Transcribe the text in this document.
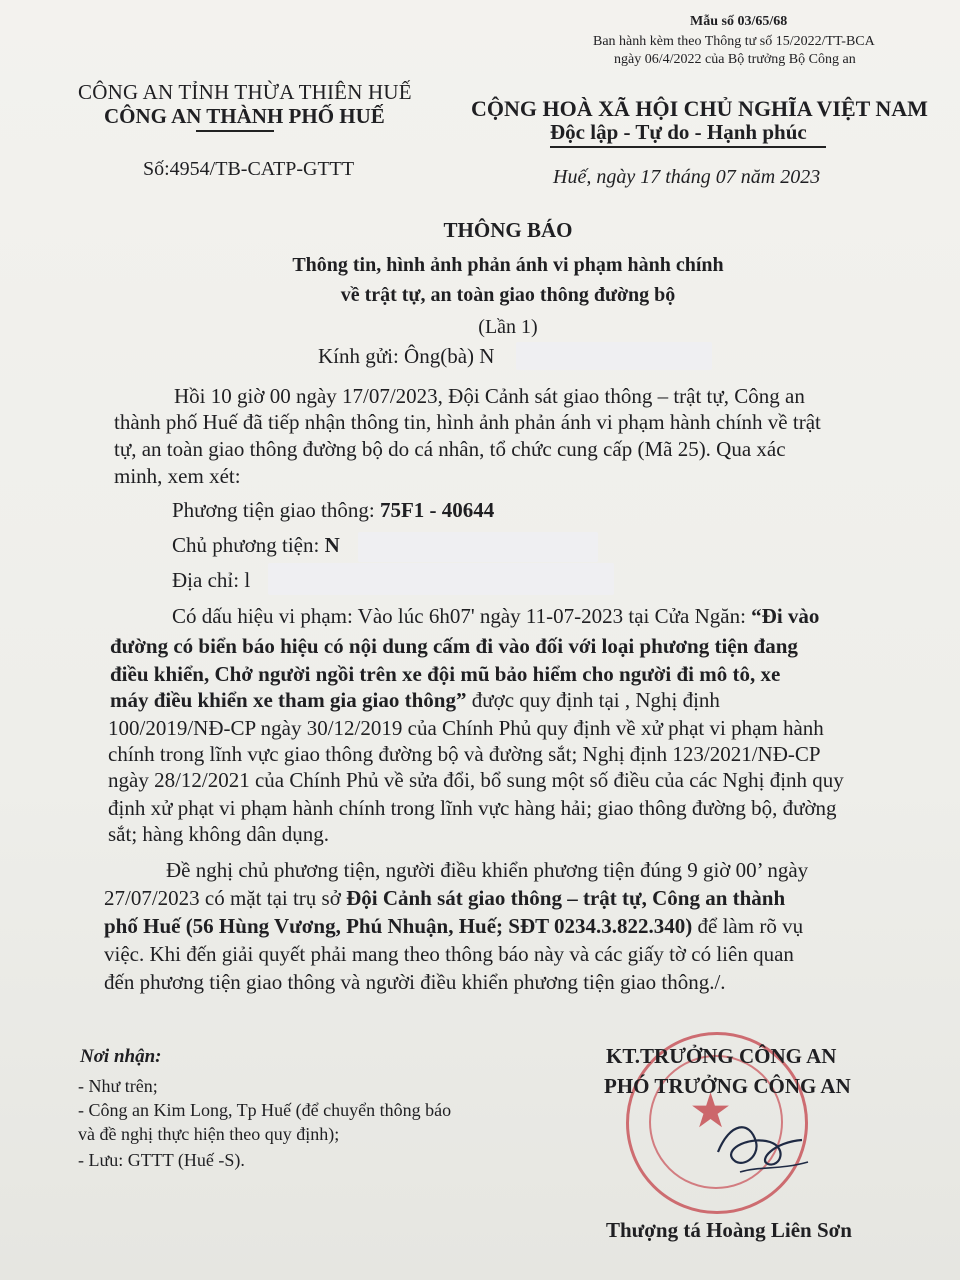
Mẫu số 03/65/68
Ban hành kèm theo Thông tư số 15/2022/TT-BCA
ngày 06/4/2022 của Bộ trưởng Bộ Công an
CÔNG AN TỈNH THỪA THIÊN HUẾ
CÔNG AN THÀNH PHỐ HUẾ	CỘNG HOÀ XÃ HỘI CHỦ NGHĨA VIỆT NAM
Độc lập - Tự do - Hạnh phúc
Số:4954/TB-CATP-GTTT	Huế, ngày 17 tháng 07 năm 2023
THÔNG BÁO
Thông tin, hình ảnh phản ánh vi phạm hành chính
về trật tự, an toàn giao thông đường bộ
(Lần 1)
Kính gửi: Ông(bà) N
Hồi 10 giờ 00 ngày 17/07/2023, Đội Cảnh sát giao thông – trật tự, Công an
thành phố Huế đã tiếp nhận thông tin, hình ảnh phản ánh vi phạm hành chính về trật
tự, an toàn giao thông đường bộ do cá nhân, tổ chức cung cấp (Mã 25). Qua xác
minh, xem xét:
Phương tiện giao thông: 75F1 - 40644
Chủ phương tiện: N
Địa chỉ: l
Có dấu hiệu vi phạm: Vào lúc 6h07' ngày 11-07-2023 tại Cửa Ngăn: “Đi vào
đường có biển báo hiệu có nội dung cấm đi vào đối với loại phương tiện đang
điều khiển, Chở người ngồi trên xe đội mũ bảo hiểm cho người đi mô tô, xe
máy điều khiển xe tham gia giao thông” được quy định tại , Nghị định
100/2019/NĐ-CP ngày 30/12/2019 của Chính Phủ quy định về xử phạt vi phạm hành
chính trong lĩnh vực giao thông đường bộ và đường sắt; Nghị định 123/2021/NĐ-CP
ngày 28/12/2021 của Chính Phủ về sửa đổi, bổ sung một số điều của các Nghị định quy
định xử phạt vi phạm hành chính trong lĩnh vực hàng hải; giao thông đường bộ, đường
sắt; hàng không dân dụng.
Đề nghị chủ phương tiện, người điều khiển phương tiện đúng 9 giờ 00’ ngày
27/07/2023 có mặt tại trụ sở Đội Cảnh sát giao thông – trật tự, Công an thành
phố Huế (56 Hùng Vương, Phú Nhuận, Huế; SĐT 0234.3.822.340) để làm rõ vụ
việc. Khi đến giải quyết phải mang theo thông báo này và các giấy tờ có liên quan
đến phương tiện giao thông và người điều khiển phương tiện giao thông./.
Nơi nhận:
- Như trên;
- Công an Kim Long, Tp Huế (để chuyển thông báo
và đề nghị thực hiện theo quy định);
- Lưu: GTTT (Huế -S).
★
KT.TRƯỞNG CÔNG AN
PHÓ TRƯỞNG CÔNG AN
Thượng tá Hoàng Liên Sơn
